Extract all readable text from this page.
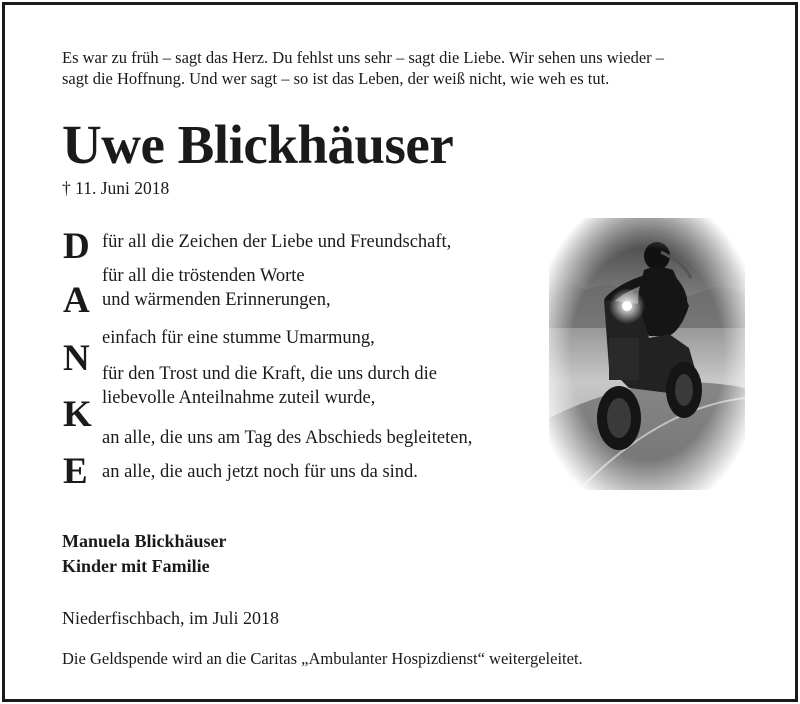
Es war zu früh – sagt das Herz. Du fehlst uns sehr – sagt die Liebe. Wir sehen uns wieder –

sagt die Hoffnung. Und wer sagt – so ist das Leben, der weiß nicht, wie weh es tut.

Uwe Blickhäuser

† 11. Juni 2018

D
A
N
K
E

für all die Zeichen der Liebe und Freundschaft,

für all die tröstenden Worte

und wärmenden Erinnerungen,

einfach für eine stumme Umarmung,

für den Trost und die Kraft, die uns durch die

liebevolle Anteilnahme zuteil wurde,

an alle, die uns am Tag des Abschieds begleiteten,

an alle, die auch jetzt noch für uns da sind.

Manuela Blickhäuser

Kinder mit Familie

Niederfischbach, im Juli 2018

Die Geldspende wird an die Caritas „Ambulanter Hospizdienst“ weitergeleitet.
